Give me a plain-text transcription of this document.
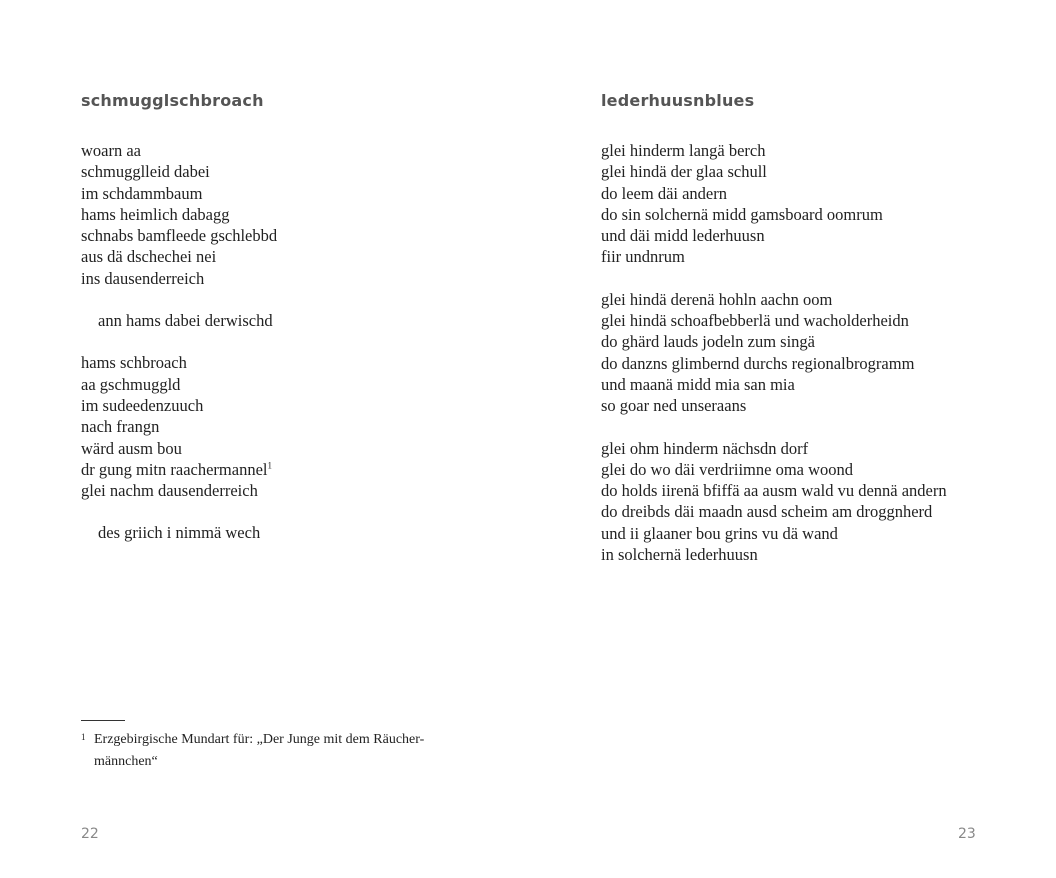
schmugglschbroach
woarn aa
schmugglleid dabei
im schdammbaum
hams heimlich dabagg
schnabs bamfleede gschlebbd
aus dä dschechei nei
ins dausenderreich
ann hams dabei derwischd
hams schbroach
aa gschmuggld
im sudeedenzuuch
nach frangn
wärd ausm bou
dr gung mitn raachermannel$^1$
glei nachm dausenderreich
des griich i nimmä wech
1 Erzgebirgische Mundart für: „Der Junge mit dem Räucher-
männchen“
22
lederhuusnblues
glei hinderm langä berch
glei hindä der glaa schull
do leem däi andern
do sin solchernä midd gamsboard oomrum
und däi midd lederhuusn
fiir undnrum
glei hindä derenä hohln aachn oom
glei hindä schoafbebberlä und wacholderheidn
do ghärd lauds jodeln zum singä
do danzns glimbernd durchs regionalbrogramm
und maanä midd mia san mia
so goar ned unseraans
glei ohm hinderm nächsdn dorf
glei do wo däi verdriimne oma woond
do holds iirenä bfiffä aa ausm wald vu dennä andern
do dreibds däi maadn ausd scheim am droggnherd
und ii glaaner bou grins vu dä wand
in solchernä lederhuusn
23
